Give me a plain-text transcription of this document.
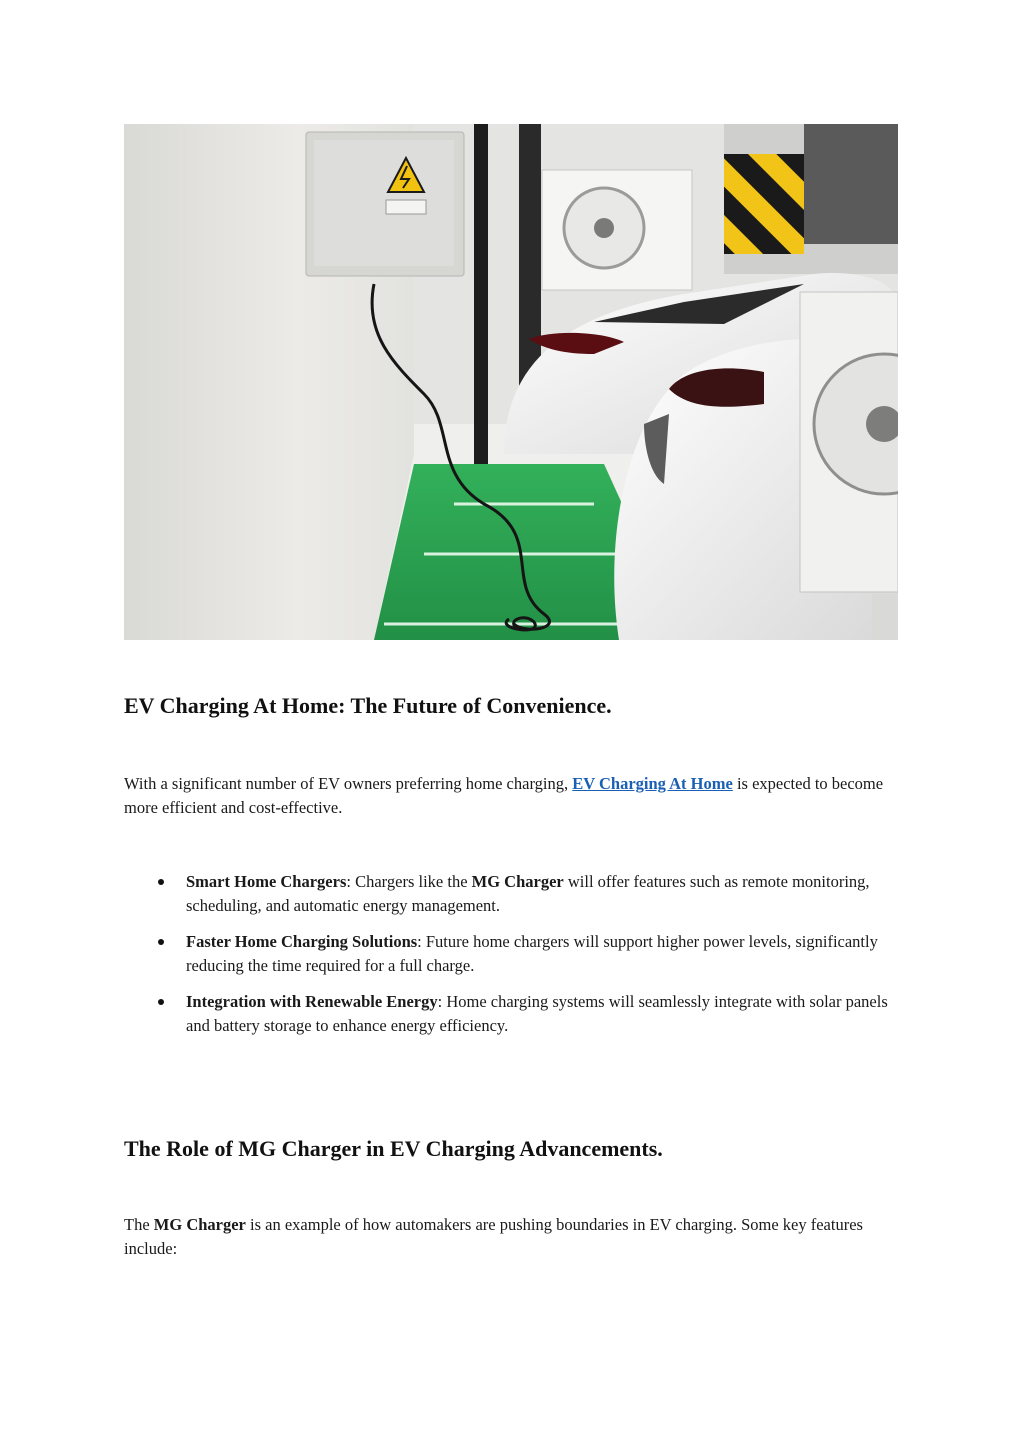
EV Charging At Home: The Future of Convenience.

With a significant number of EV owners preferring home charging, EV Charging At Home is expected to become more efficient and cost-effective.

Smart Home Chargers: Chargers like the MG Charger will offer features such as remote monitoring, scheduling, and automatic energy management.
Faster Home Charging Solutions: Future home chargers will support higher power levels, significantly reducing the time required for a full charge.
Integration with Renewable Energy: Home charging systems will seamlessly integrate with solar panels and battery storage to enhance energy efficiency.
The Role of MG Charger in EV Charging Advancements.

The MG Charger is an example of how automakers are pushing boundaries in EV charging. Some key features include:
